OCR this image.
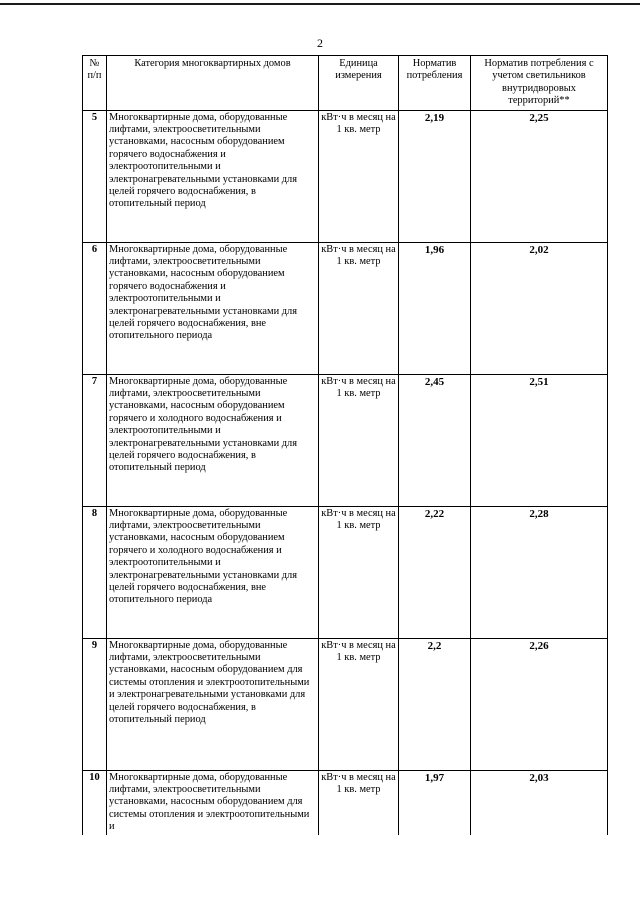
2
№ п/п	Категория многоквартирных домов	Единица измерения	Норматив потребления	Норматив потребления с учетом светильников внутридворовых территорий**
5	Многоквартирные дома, оборудованные лифтами, электроосветительными установками, насосным оборудованием горячего водоснабжения и электроотопительными и электронагревательными установками для целей горячего водоснабжения, в отопительный период	кВт·ч в месяц на 1 кв. метр	2,19	2,25
6	Многоквартирные дома, оборудованные лифтами, электроосветительными установками, насосным оборудованием горячего водоснабжения и электроотопительными и электронагревательными установками для целей горячего водоснабжения, вне отопительного периода	кВт·ч в месяц на 1 кв. метр	1,96	2,02
7	Многоквартирные дома, оборудованные лифтами, электроосветительными установками, насосным оборудованием горячего и холодного водоснабжения и электроотопительными и электронагревательными установками для целей горячего водоснабжения, в отопительный период	кВт·ч в месяц на 1 кв. метр	2,45	2,51
8	Многоквартирные дома, оборудованные лифтами, электроосветительными установками, насосным оборудованием горячего и холодного водоснабжения и электроотопительными и электронагревательными установками для целей горячего водоснабжения, вне отопительного периода	кВт·ч в месяц на 1 кв. метр	2,22	2,28
9	Многоквартирные дома, оборудованные лифтами, электроосветительными установками, насосным оборудованием для системы отопления и электроотопительными и электронагревательными установками для целей горячего водоснабжения, в отопительный период	кВт·ч в месяц на 1 кв. метр	2,2	2,26
10	Многоквартирные дома, оборудованные лифтами, электроосветительными установками, насосным оборудованием для системы отопления и электроотопительными и	кВт·ч в месяц на 1 кв. метр	1,97	2,03
